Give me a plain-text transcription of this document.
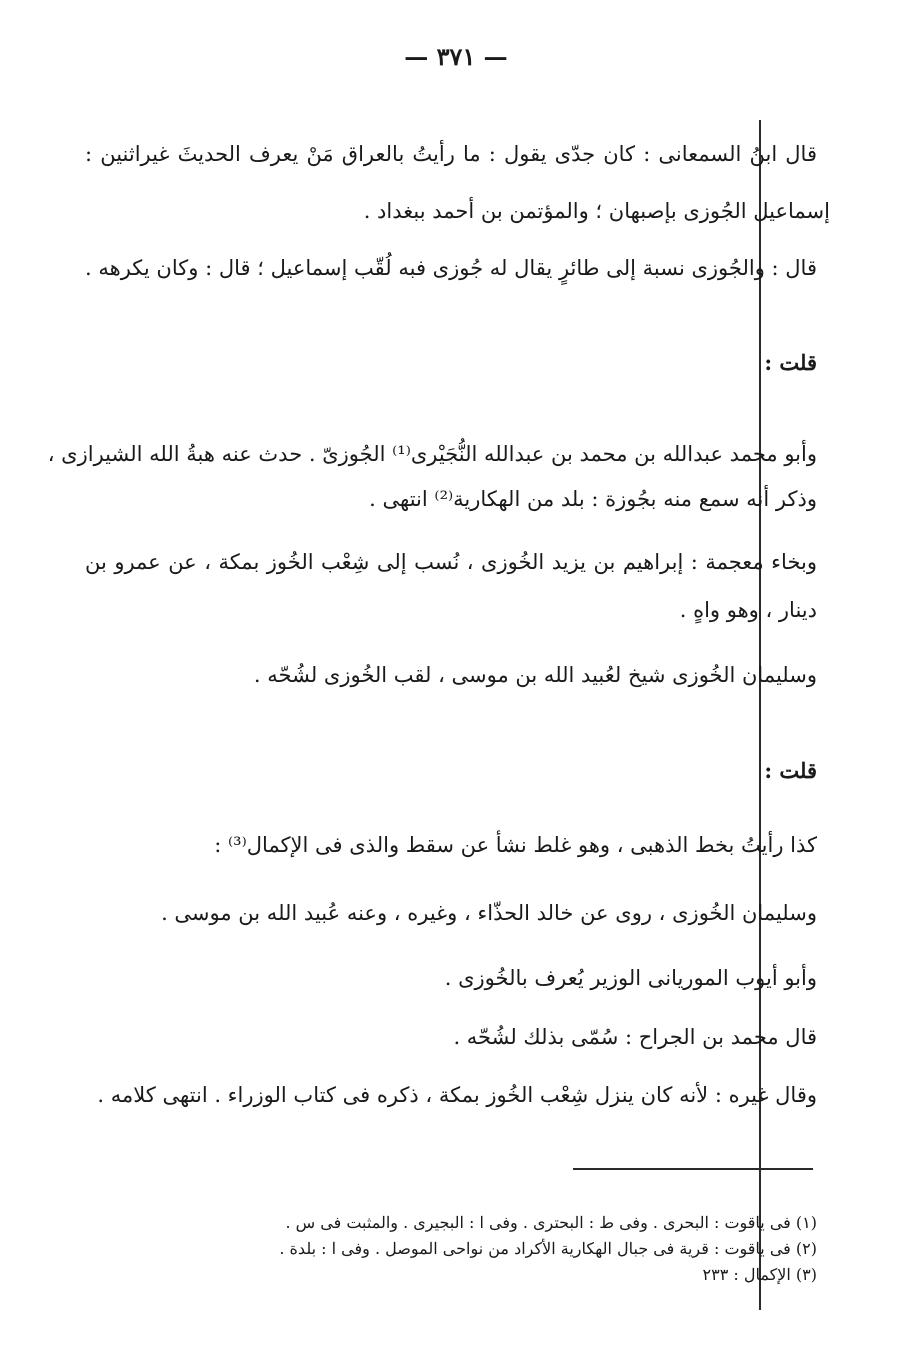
— ٣٧١ —
قال ابنُ السمعانى : كان جدّى يقول : ما رأيتُ بالعراق مَنْ يعرف الحديثَ غيراثنين :
إسماعيل الجُوزى بإصبهان ؛ والمؤتمن بن أحمد ببغداد .
قال : والجُوزى نسبة إلى طائرٍ يقال له جُوزى فبه لُقّب إسماعيل ؛ قال : وكان يكرهه .
قلت :
وأبو محمد عبدالله بن محمد بن عبدالله النُّجَيْرى⁽¹⁾ الجُوزىّ . حدث عنه هبةُ الله الشيرازى ،
وذكر أنه سمع منه بجُوزة : بلد من الهكارية⁽²⁾ انتهى .
وبخاء معجمة : إبراهيم بن يزيد الخُوزى ، نُسب إلى شِعْب الخُوز بمكة ، عن عمرو بن
دينار ، وهو واهٍ .
وسليمان الخُوزى شيخ لعُبيد الله بن موسى ، لقب الخُوزى لشُحّه .
قلت :
كذا رأيتُ بخط الذهبى ، وهو غلط نشأ عن سقط والذى فى الإكمال⁽³⁾ :
وسليمان الخُوزى ، روى عن خالد الحذّاء ، وغيره ، وعنه عُبيد الله بن موسى .
وأبو أيوب الموريانى الوزير يُعرف بالخُوزى .
قال محمد بن الجراح : سُمّى بذلك لشُحّه .
وقال غيره : لأنه كان ينزل شِعْب الخُوز بمكة ، ذكره فى كتاب الوزراء . انتهى كلامه .
(١) فى ياقوت : البحرى . وفى ط : البحترى . وفى ا : البجيرى . والمثبت فى س .
(٢) فى ياقوت : قرية فى جبال الهكارية الأكراد من نواحى الموصل . وفى ا : بلدة .
(٣) الإكمال : ٢٣٣
